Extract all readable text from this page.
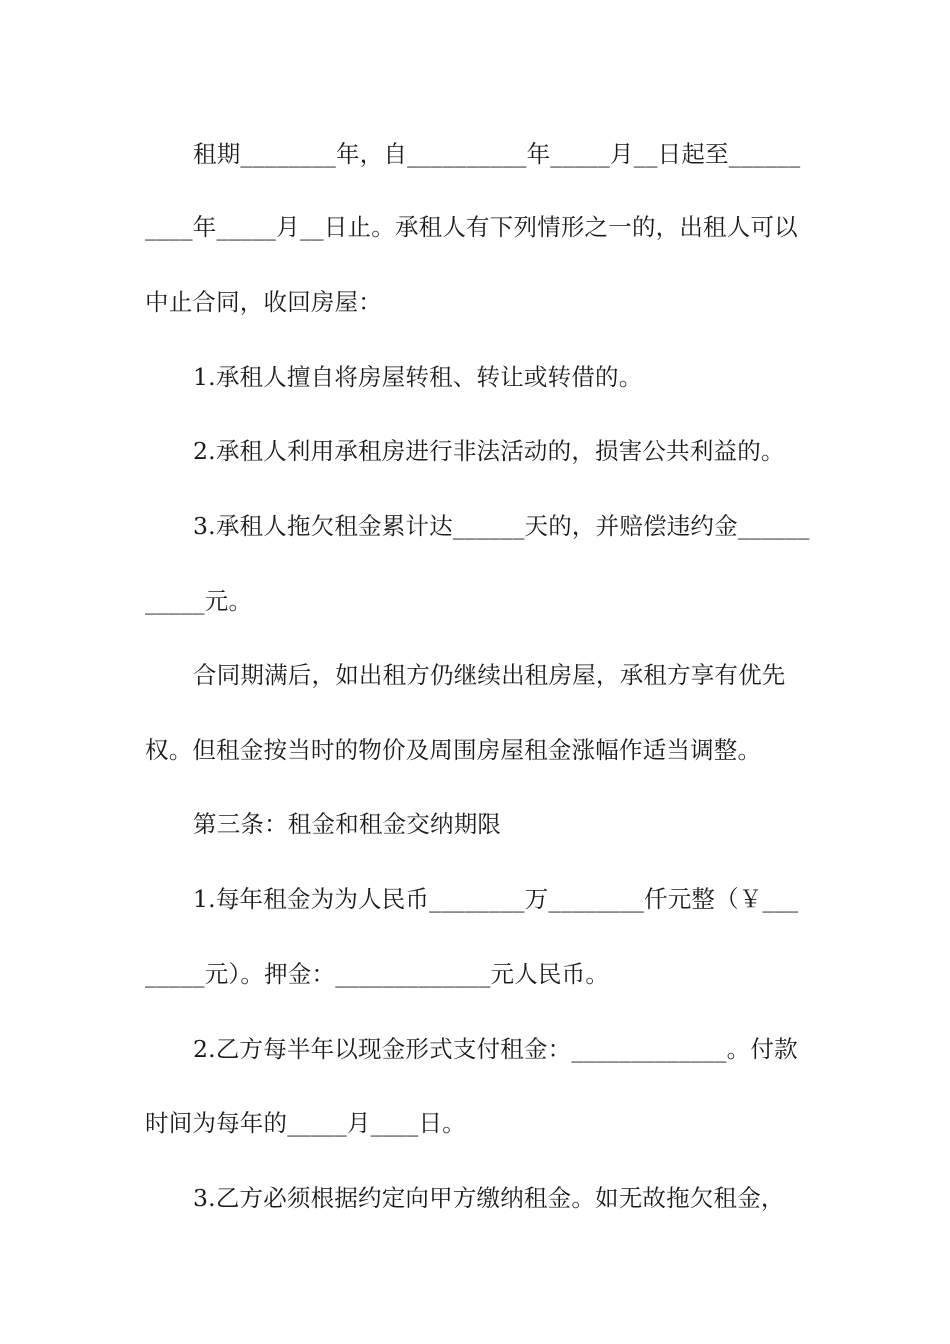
租期________年，自__________年_____月__日起至______
____年_____月__日止。承租人有下列情形之一的，出租人可以
中止合同，收回房屋：
1.承租人擅自将房屋转租、转让或转借的。
2.承租人利用承租房进行非法活动的，损害公共利益的。
3.承租人拖欠租金累计达______天的，并赔偿违约金______
_____元。
合同期满后，如出租方仍继续出租房屋，承租方享有优先
权。但租金按当时的物价及周围房屋租金涨幅作适当调整。
第三条：租金和租金交纳期限
1.每年租金为为人民币________万________仟元整（￥___
_____元）。押金：_____________元人民币。
2.乙方每半年以现金形式支付租金：_____________。付款
时间为每年的_____月____日。
3.乙方必须根据约定向甲方缴纳租金。如无故拖欠租金，
